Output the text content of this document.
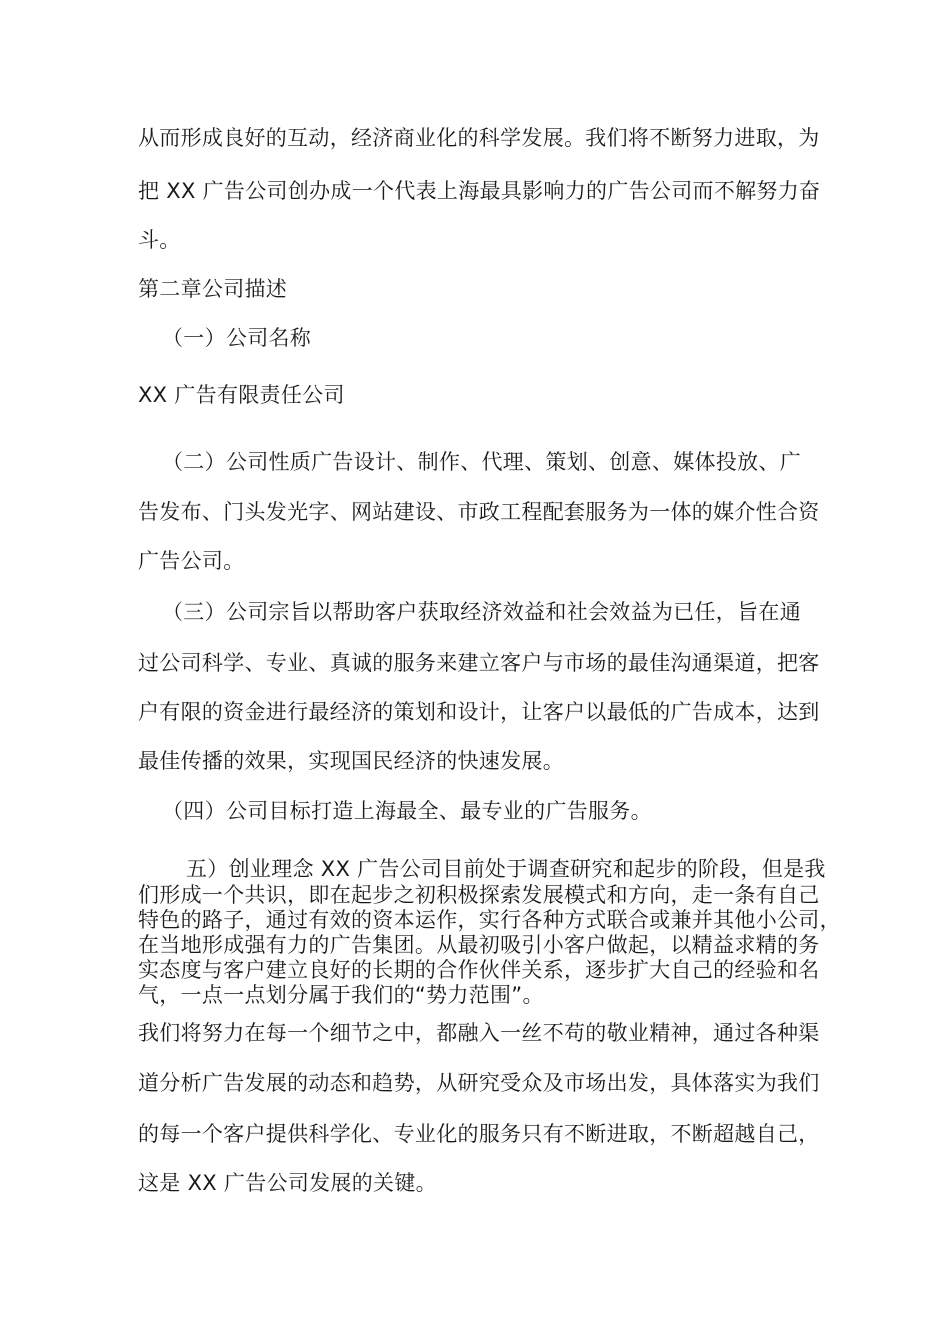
从而形成良好的互动，经济商业化的科学发展。我们将不断努力进取，为
把 XX 广告公司创办成一个代表上海最具影响力的广告公司而不解努力奋
斗。
第二章公司描述
（一）公司名称
XX 广告有限责任公司
（二）公司性质广告设计、制作、代理、策划、创意、媒体投放、广
告发布、门头发光字、网站建设、市政工程配套服务为一体的媒介性合资
广告公司。
（三）公司宗旨以帮助客户获取经济效益和社会效益为已任，旨在通
过公司科学、专业、真诚的服务来建立客户与市场的最佳沟通渠道，把客
户有限的资金进行最经济的策划和设计，让客户以最低的广告成本，达到
最佳传播的效果，实现国民经济的快速发展。
（四）公司目标打造上海最全、最专业的广告服务。
五）创业理念 XX 广告公司目前处于调查研究和起步的阶段，但是我
们形成一个共识，即在起步之初积极探索发展模式和方向，走一条有自己
特色的路子，通过有效的资本运作，实行各种方式联合或兼并其他小公司，
在当地形成强有力的广告集团。从最初吸引小客户做起，以精益求精的务
实态度与客户建立良好的长期的合作伙伴关系，逐步扩大自己的经验和名
气，一点一点划分属于我们的“势力范围”。
我们将努力在每一个细节之中，都融入一丝不苟的敬业精神，通过各种渠
道分析广告发展的动态和趋势，从研究受众及市场出发，具体落实为我们
的每一个客户提供科学化、专业化的服务只有不断进取，不断超越自己，
这是 XX 广告公司发展的关键。
